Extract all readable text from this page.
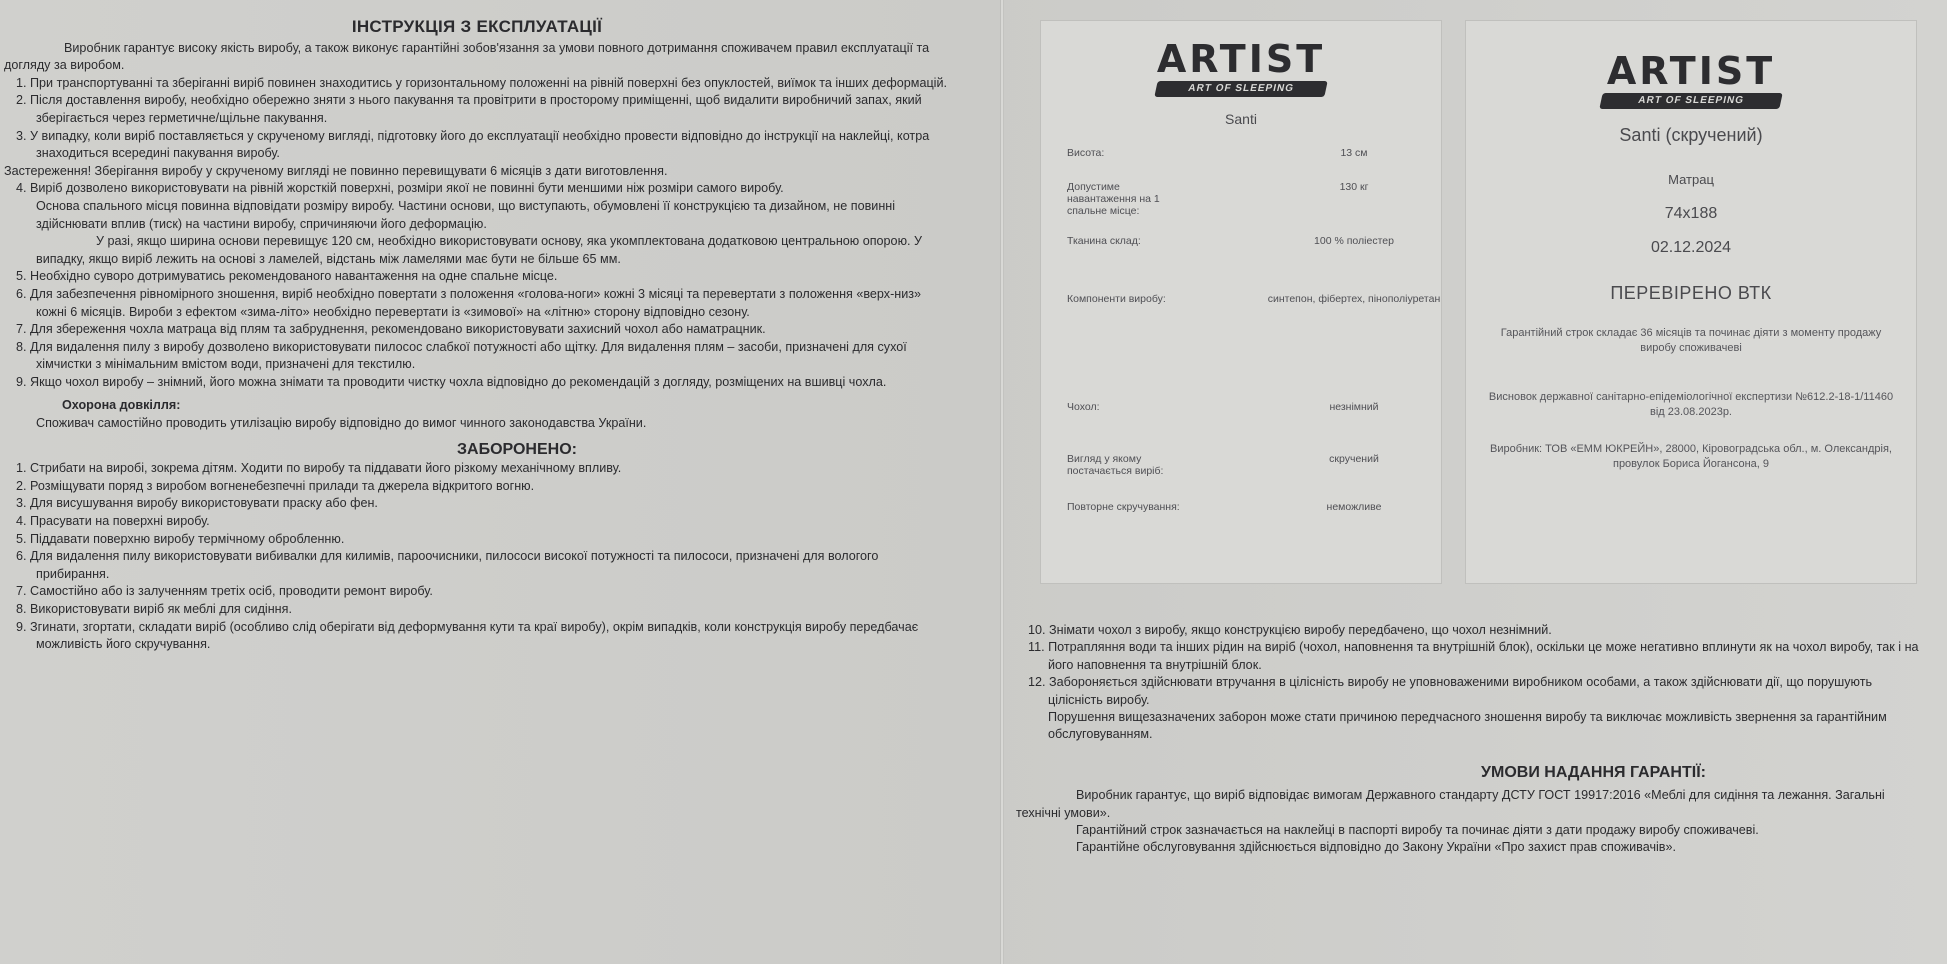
ІНСТРУКЦІЯ З ЕКСПЛУАТАЦІЇ

Виробник гарантує високу якість виробу, а також виконує гарантійні зобов'язання за умови повного дотримання споживачем правил експлуатації та догляду за виробом.

1. При транспортуванні та зберіганні виріб повинен знаходитись у горизонтальному положенні на рівній поверхні без опуклостей, виїмок та інших деформацій.

2. Після доставлення виробу, необхідно обережно зняти з нього пакування та провітрити в просторому приміщенні, щоб видалити виробничий запах, який зберігається через герметичне/щільне пакування.

3. У випадку, коли виріб поставляється у скрученому вигляді, підготовку його до експлуатації необхідно провести відповідно до інструкції на наклейці, котра знаходиться всередині пакування виробу.

Застереження! Зберігання виробу у скрученому вигляді не повинно перевищувати 6 місяців з дати виготовлення.

4. Виріб дозволено використовувати на рівній жорсткій поверхні, розміри якої не повинні бути меншими ніж розміри самого виробу.

Основа спального місця повинна відповідати розміру виробу. Частини основи, що виступають, обумовлені її конструкцією та дизайном, не повинні здійснювати вплив (тиск) на частини виробу, спричиняючи його деформацію.

У разі, якщо ширина основи перевищує 120 см, необхідно використовувати основу, яка укомплектована додатковою центральною опорою. У випадку, якщо виріб лежить на основі з ламелей, відстань між ламелями має бути не більше 65 мм.

5. Необхідно суворо дотримуватись рекомендованого навантаження на одне спальне місце.

6. Для забезпечення рівномірного зношення, виріб необхідно повертати з положення «голова-ноги» кожні 3 місяці та перевертати з положення «верх-низ» кожні 6 місяців. Вироби з ефектом «зима-літо» необхідно перевертати із «зимової» на «літню» сторону відповідно сезону.

7. Для збереження чохла матраца від плям та забруднення, рекомендовано використовувати захисний чохол або наматрацник.

8. Для видалення пилу з виробу дозволено використовувати пилосос слабкої потужності або щітку. Для видалення плям – засоби, призначені для сухої хімчистки з мінімальним вмістом води, призначені для текстилю.

9. Якщо чохол виробу – знімний, його можна знімати та проводити чистку чохла відповідно до рекомендацій з догляду, розміщених на вшивці чохла.

Охорона довкілля:

Споживач самостійно проводить утилізацію виробу відповідно до вимог чинного законодавства України.

ЗАБОРОНЕНО:

1. Стрибати на виробі, зокрема дітям. Ходити по виробу та піддавати його різкому механічному впливу.

2. Розміщувати поряд з виробом вогненебезпечні прилади та джерела відкритого вогню.

3. Для висушування виробу використовувати праску або фен.

4. Прасувати на поверхні виробу.

5. Піддавати поверхню виробу термічному обробленню.

6. Для видалення пилу використовувати вибивалки для килимів, пароочисники, пилососи високої потужності та пилососи, призначені для вологого прибирання.

7. Самостійно або із залученням третіх осіб, проводити ремонт виробу.

8. Використовувати виріб як меблі для сидіння.

9. Згинати, згортати, складати виріб (особливо слід оберігати від деформування кути та краї виробу), окрім випадків, коли конструкція виробу передбачає можливість його скручування.

ARTIST
ART OF SLEEPING
Santi
Висота:	13 см
Допустиме навантаження на 1 спальне місце:
130 кг
Тканина склад:	100 % поліестер
Компоненти виробу:	синтепон, фібертех, пінополіуретан
Чохол:	незнімний
Вигляд у якому постачається виріб:
скручений
Повторне скручування:	неможливе
ARTIST
ART OF SLEEPING
Santi (скручений)
Матрац
74x188
02.12.2024
ПЕРЕВІРЕНО ВТК
Гарантійний строк складає 36 місяців та починає діяти з моменту продажу виробу споживачеві
Висновок державної санітарно-епідеміологічної експертизи №612.2-18-1/11460 від 23.08.2023р.
Виробник: ТОВ «ЕММ ЮКРЕЙН», 28000, Кіровоградська обл., м. Олександрія, провулок Бориса Йогансона, 9

10. Знімати чохол з виробу, якщо конструкцією виробу передбачено, що чохол незнімний.

11. Потрапляння води та інших рідин на виріб (чохол, наповнення та внутрішній блок), оскільки це може негативно вплинути як на чохол виробу, так і на його наповнення та внутрішній блок.

12. Забороняється здійснювати втручання в цілісність виробу не уповноваженими виробником особами, а також здійснювати дії, що порушують цілісність виробу.

Порушення вищезазначених заборон може стати причиною передчасного зношення виробу та виключає можливість звернення за гарантійним обслуговуванням.

УМОВИ НАДАННЯ ГАРАНТІЇ:

Виробник гарантує, що виріб відповідає вимогам Державного стандарту ДСТУ ГОСТ 19917:2016 «Меблі для сидіння та лежання. Загальні технічні умови».

Гарантійний строк зазначається на наклейці в паспорті виробу та починає діяти з дати продажу виробу споживачеві.

Гарантійне обслуговування здійснюється відповідно до Закону України «Про захист прав споживачів».
